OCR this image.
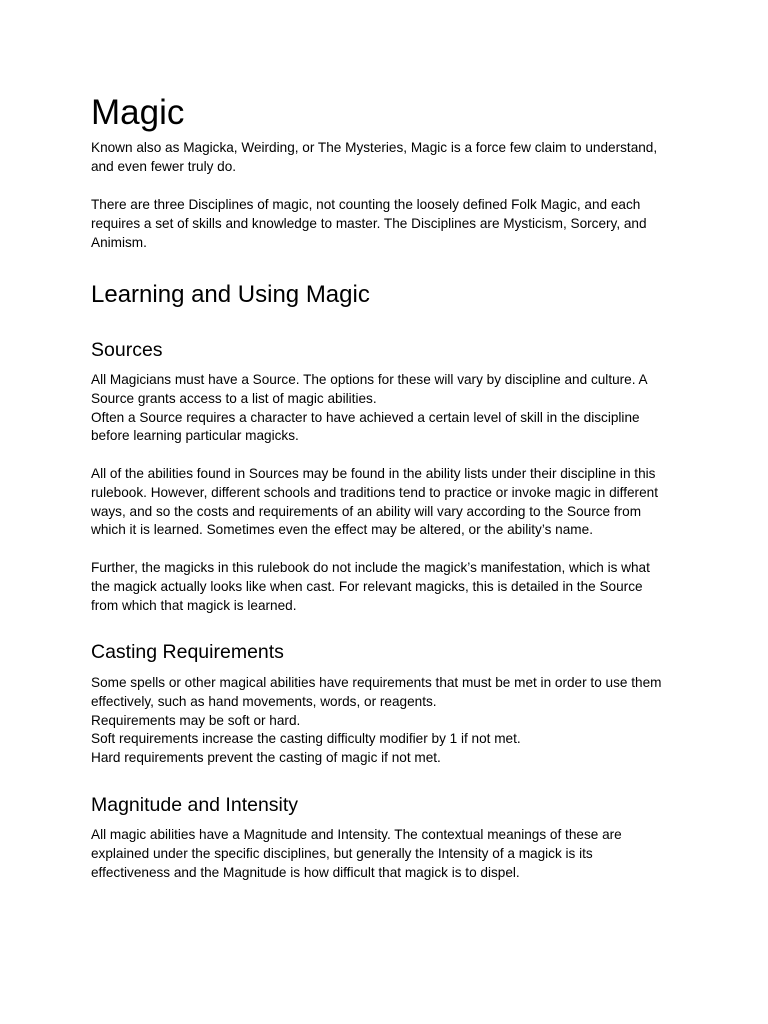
Magic

Known also as Magicka, Weirding, or The Mysteries, Magic is a force few claim to understand,
and even fewer truly do.

There are three Disciplines of magic, not counting the loosely defined Folk Magic, and each
requires a set of skills and knowledge to master. The Disciplines are Mysticism, Sorcery, and
Animism.

Learning and Using Magic
Sources

All Magicians must have a Source. The options for these will vary by discipline and culture. A
Source grants access to a list of magic abilities.
Often a Source requires a character to have achieved a certain level of skill in the discipline
before learning particular magicks.

All of the abilities found in Sources may be found in the ability lists under their discipline in this
rulebook. However, different schools and traditions tend to practice or invoke magic in different
ways, and so the costs and requirements of an ability will vary according to the Source from
which it is learned. Sometimes even the effect may be altered, or the ability’s name.

Further, the magicks in this rulebook do not include the magick’s manifestation, which is what
the magick actually looks like when cast. For relevant magicks, this is detailed in the Source
from which that magick is learned.

Casting Requirements

Some spells or other magical abilities have requirements that must be met in order to use them
effectively, such as hand movements, words, or reagents.
Requirements may be soft or hard.
Soft requirements increase the casting difficulty modifier by 1 if not met.
Hard requirements prevent the casting of magic if not met.

Magnitude and Intensity

All magic abilities have a Magnitude and Intensity. The contextual meanings of these are
explained under the specific disciplines, but generally the Intensity of a magick is its
effectiveness and the Magnitude is how difficult that magick is to dispel.
